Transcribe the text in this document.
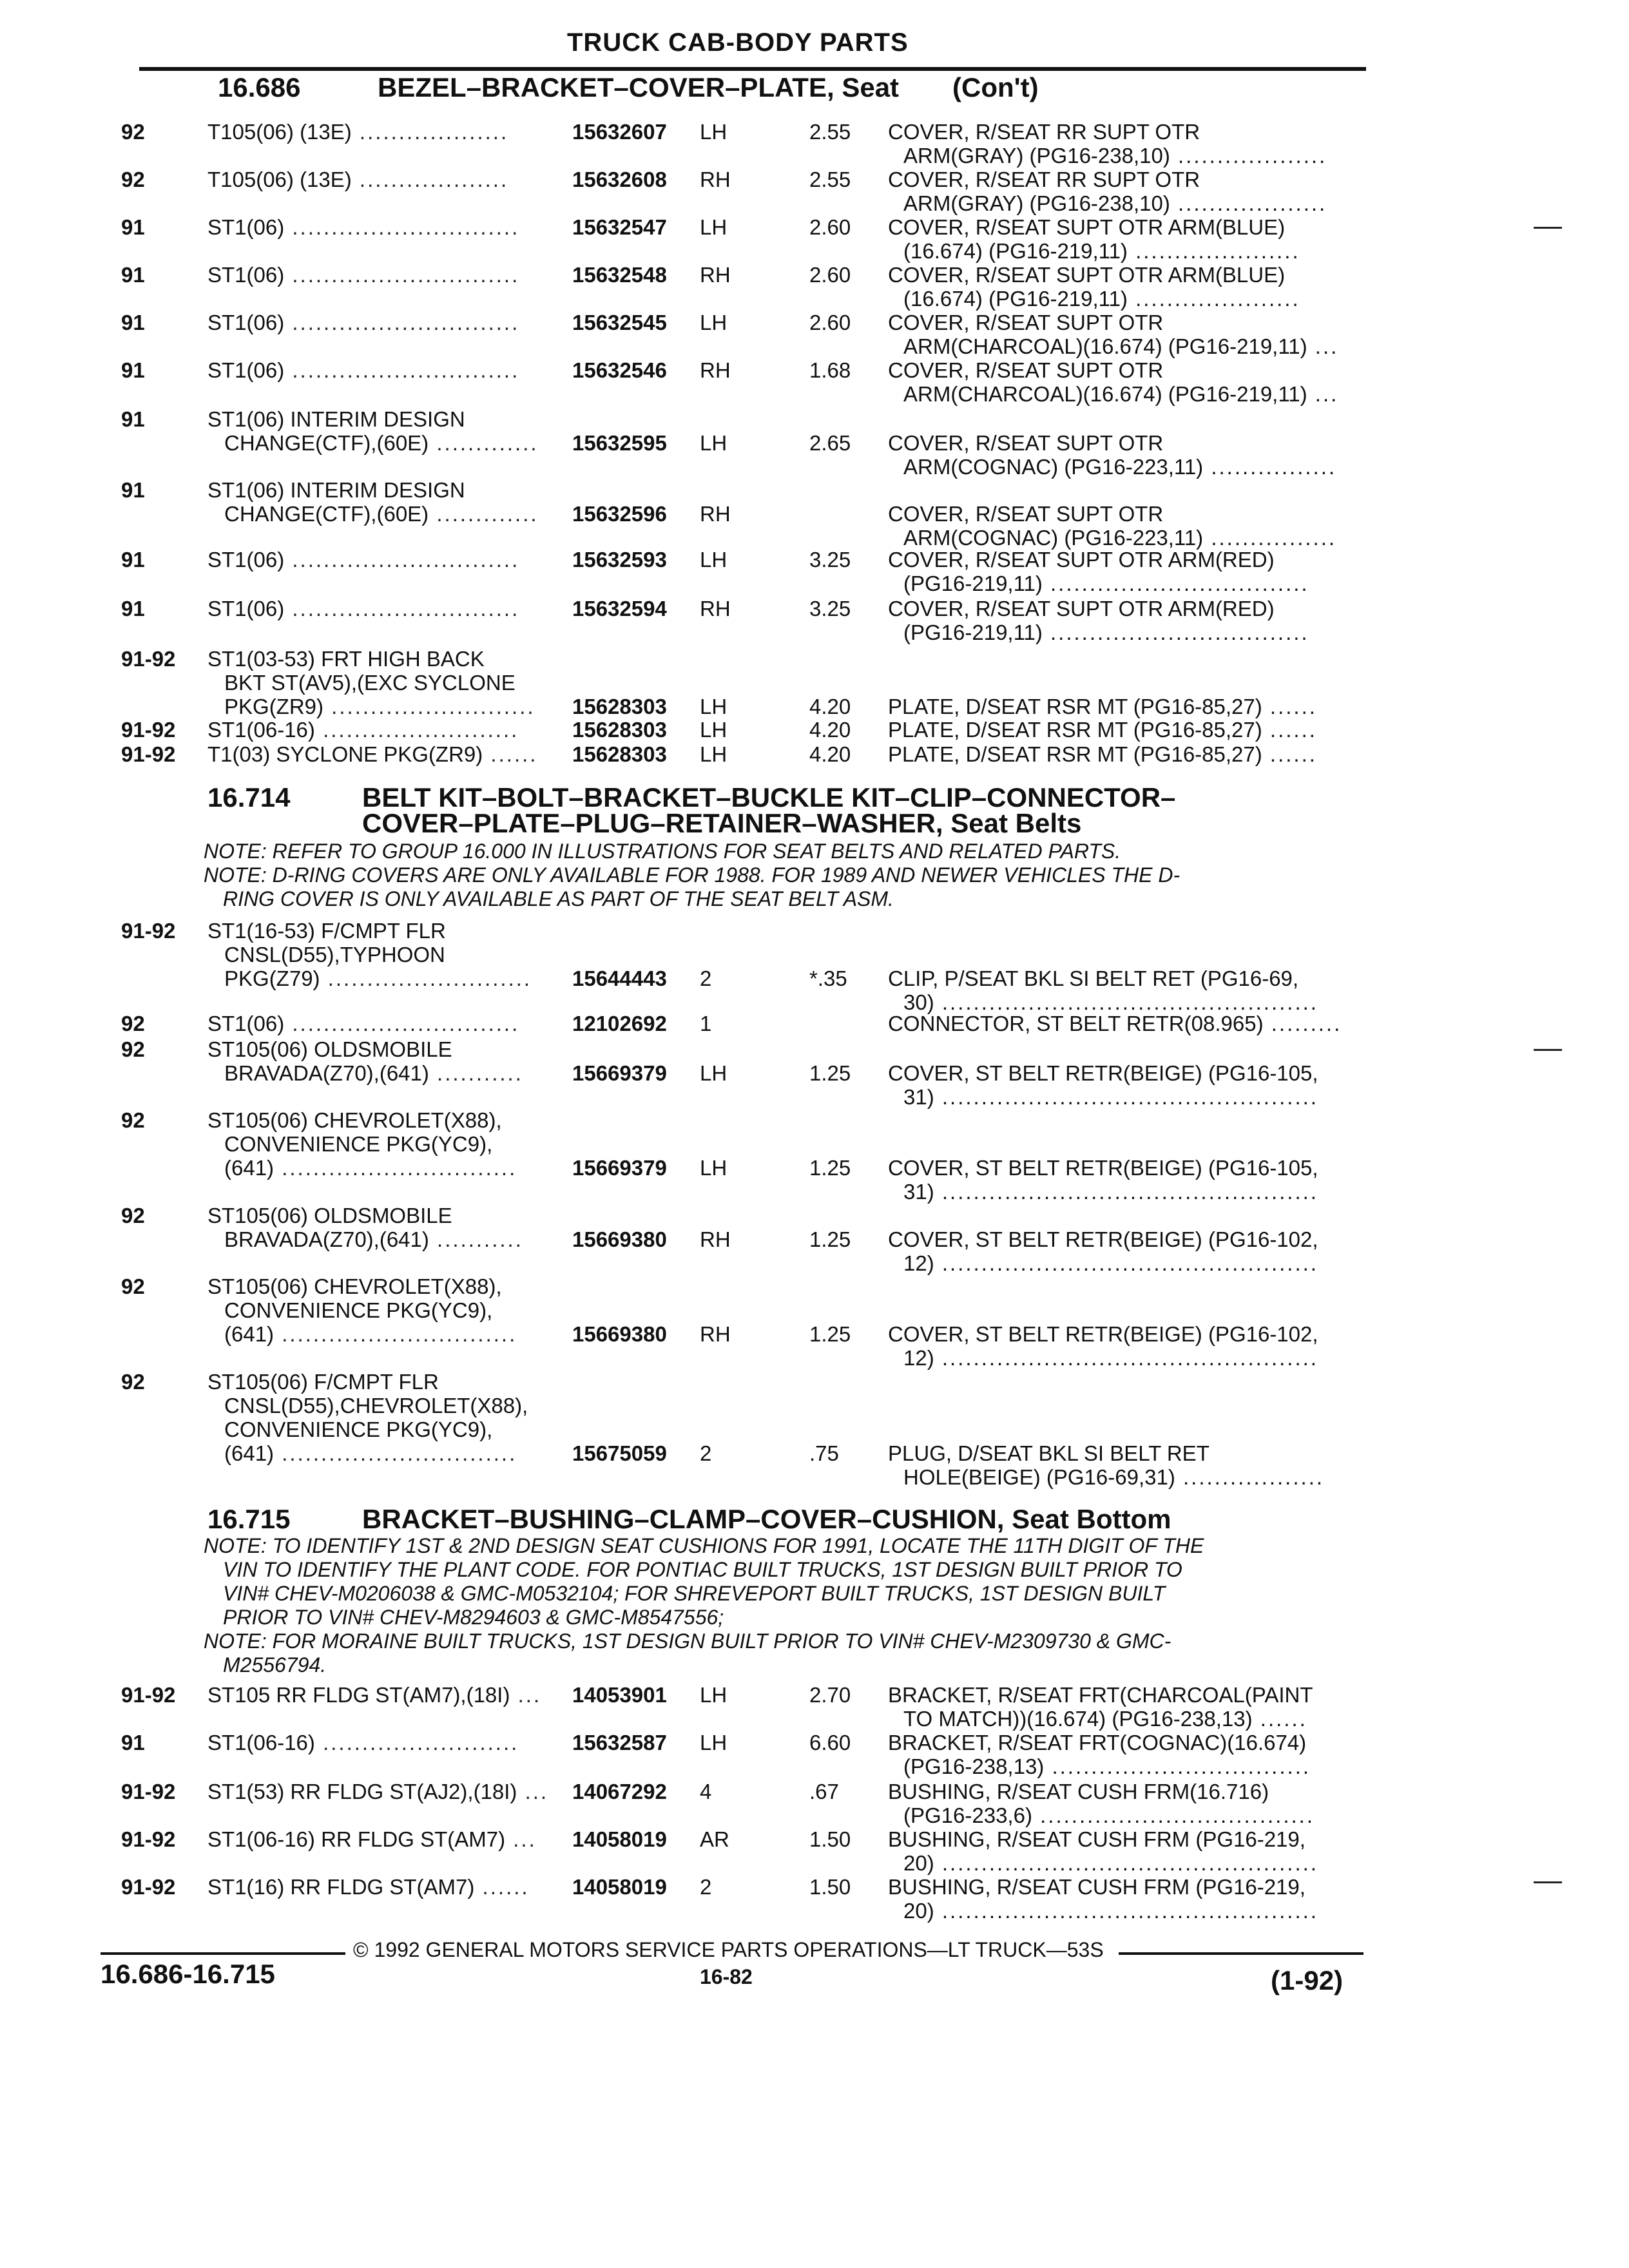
TRUCK CAB-BODY PARTS
16.686	BEZEL–BRACKET–COVER–PLATE, Seat (Con't)
92	T105(06) (13E) ...................	15632607 LH	2.55 COVER, R/SEAT RR SUPT OTR
ARM(GRAY) (PG16-238,10) ...................
92	T105(06) (13E) ...................	15632608 RH	2.55 COVER, R/SEAT RR SUPT OTR
ARM(GRAY) (PG16-238,10) ...................
91	ST1(06) .............................	15632547 LH	2.60 COVER, R/SEAT SUPT OTR ARM(BLUE)
(16.674) (PG16-219,11) .....................
91	ST1(06) .............................	15632548 RH	2.60 COVER, R/SEAT SUPT OTR ARM(BLUE)
(16.674) (PG16-219,11) .....................
91	ST1(06) .............................	15632545 LH	2.60 COVER, R/SEAT SUPT OTR
ARM(CHARCOAL)(16.674) (PG16-219,11) ...
91	ST1(06) .............................	15632546 RH	1.68 COVER, R/SEAT SUPT OTR
ARM(CHARCOAL)(16.674) (PG16-219,11) ...
91	ST1(06) INTERIM DESIGN
CHANGE(CTF),(60E) .............	15632595 LH	2.65 COVER, R/SEAT SUPT OTR
ARM(COGNAC) (PG16-223,11) ................
91	ST1(06) INTERIM DESIGN
CHANGE(CTF),(60E) .............	15632596 RH	COVER, R/SEAT SUPT OTR
ARM(COGNAC) (PG16-223,11) ................
91	ST1(06) .............................	15632593 LH	3.25 COVER, R/SEAT SUPT OTR ARM(RED)
(PG16-219,11) .................................
91	ST1(06) .............................	15632594 RH	3.25 COVER, R/SEAT SUPT OTR ARM(RED)
(PG16-219,11) .................................
91-92 ST1(03-53) FRT HIGH BACK
BKT ST(AV5),(EXC SYCLONE
PKG(ZR9) ..........................	15628303 LH	4.20 PLATE, D/SEAT RSR MT (PG16-85,27) ......
91-92 ST1(06-16) .........................	15628303 LH	4.20 PLATE, D/SEAT RSR MT (PG16-85,27) ......
91-92 T1(03) SYCLONE PKG(ZR9) ......	15628303 LH	4.20 PLATE, D/SEAT RSR MT (PG16-85,27) ......
16.714	BELT KIT–BOLT–BRACKET–BUCKLE KIT–CLIP–CONNECTOR–
COVER–PLATE–PLUG–RETAINER–WASHER, Seat Belts
NOTE: REFER TO GROUP 16.000 IN ILLUSTRATIONS FOR SEAT BELTS AND RELATED PARTS.
NOTE: D-RING COVERS ARE ONLY AVAILABLE FOR 1988. FOR 1989 AND NEWER VEHICLES THE D-
RING COVER IS ONLY AVAILABLE AS PART OF THE SEAT BELT ASM.
91-92 ST1(16-53) F/CMPT FLR
CNSL(D55),TYPHOON
PKG(Z79) ..........................	15644443 2	*.35 CLIP, P/SEAT BKL SI BELT RET (PG16-69,
30) ................................................
92	ST1(06) .............................	12102692 1	CONNECTOR, ST BELT RETR(08.965) .........
92	ST105(06) OLDSMOBILE
BRAVADA(Z70),(641) ...........	15669379 LH	1.25 COVER, ST BELT RETR(BEIGE) (PG16-105,
31) ................................................
92	ST105(06) CHEVROLET(X88),
CONVENIENCE PKG(YC9),
(641) ..............................	15669379 LH	1.25 COVER, ST BELT RETR(BEIGE) (PG16-105,
31) ................................................
92	ST105(06) OLDSMOBILE
BRAVADA(Z70),(641) ...........	15669380 RH	1.25 COVER, ST BELT RETR(BEIGE) (PG16-102,
12) ................................................
92	ST105(06) CHEVROLET(X88),
CONVENIENCE PKG(YC9),
(641) ..............................	15669380 RH	1.25 COVER, ST BELT RETR(BEIGE) (PG16-102,
12) ................................................
92	ST105(06) F/CMPT FLR
CNSL(D55),CHEVROLET(X88),
CONVENIENCE PKG(YC9),
(641) ..............................	15675059 2	.75 PLUG, D/SEAT BKL SI BELT RET
HOLE(BEIGE) (PG16-69,31) ..................
16.715	BRACKET–BUSHING–CLAMP–COVER–CUSHION, Seat Bottom
NOTE: TO IDENTIFY 1ST & 2ND DESIGN SEAT CUSHIONS FOR 1991, LOCATE THE 11TH DIGIT OF THE
VIN TO IDENTIFY THE PLANT CODE. FOR PONTIAC BUILT TRUCKS, 1ST DESIGN BUILT PRIOR TO
VIN# CHEV-M0206038 & GMC-M0532104; FOR SHREVEPORT BUILT TRUCKS, 1ST DESIGN BUILT
PRIOR TO VIN# CHEV-M8294603 & GMC-M8547556;
NOTE: FOR MORAINE BUILT TRUCKS, 1ST DESIGN BUILT PRIOR TO VIN# CHEV-M2309730 & GMC-
M2556794.
91-92 ST105 RR FLDG ST(AM7),(18I) ...	14053901 LH	2.70 BRACKET, R/SEAT FRT(CHARCOAL(PAINT
TO MATCH))(16.674) (PG16-238,13) ......
91	ST1(06-16) .........................	15632587 LH	6.60 BRACKET, R/SEAT FRT(COGNAC)(16.674)
(PG16-238,13) .................................
91-92 ST1(53) RR FLDG ST(AJ2),(18I) ...	14067292 4	.67 BUSHING, R/SEAT CUSH FRM(16.716)
(PG16-233,6) ...................................
91-92 ST1(06-16) RR FLDG ST(AM7) ...	14058019 AR	1.50 BUSHING, R/SEAT CUSH FRM (PG16-219,
20) ................................................
91-92 ST1(16) RR FLDG ST(AM7) ......	14058019 2	1.50 BUSHING, R/SEAT CUSH FRM (PG16-219,
20) ................................................
© 1992 GENERAL MOTORS SERVICE PARTS OPERATIONS—LT TRUCK—53S
16.686-16.715	16-82	(1-92)
